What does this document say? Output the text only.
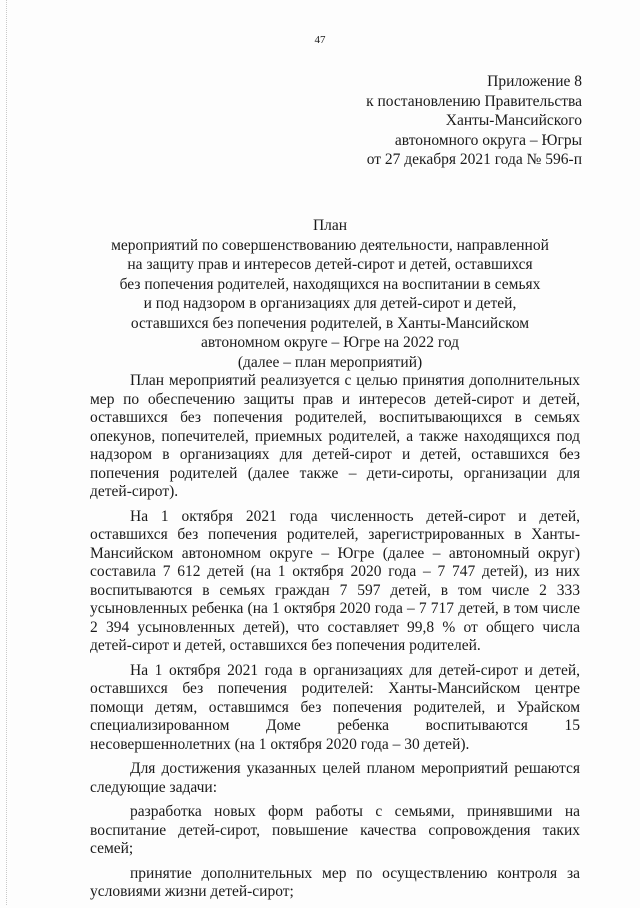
47
Приложение 8
к постановлению Правительства
Ханты-Мансийского
автономного округа – Югры
от 27 декабря 2021 года № 596-п
План
мероприятий по совершенствованию деятельности, направленной
на защиту прав и интересов детей-сирот и детей, оставшихся
без попечения родителей, находящихся на воспитании в семьях
и под надзором в организациях для детей-сирот и детей,
оставшихся без попечения родителей, в Ханты-Мансийском
автономном округе – Югре на 2022 год
(далее – план мероприятий)

План мероприятий реализуется с целью принятия дополнительных мер по обеспечению защиты прав и интересов детей-сирот и детей, оставшихся без попечения родителей, воспитывающихся в семьях опекунов, попечителей, приемных родителей, а также находящихся под надзором в организациях для детей-сирот и детей, оставшихся без попечения родителей (далее также – дети-сироты, организации для детей-сирот).

На 1 октября 2021 года численность детей-сирот и детей, оставшихся без попечения родителей, зарегистрированных в Ханты-Мансийском автономном округе – Югре (далее – автономный округ) составила 7 612 детей (на 1 октября 2020 года – 7 747 детей), из них воспитываются в семьях граждан 7 597 детей, в том числе 2 333 усыновленных ребенка (на 1 октября 2020 года – 7 717 детей, в том числе 2 394 усыновленных детей), что составляет 99,8 % от общего числа детей-сирот и детей, оставшихся без попечения родителей.

На 1 октября 2021 года в организациях для детей-сирот и детей, оставшихся без попечения родителей: Ханты-Мансийском центре помощи детям, оставшимся без попечения родителей, и Урайском специализированном Доме ребенка воспитываются 15 несовершеннолетних (на 1 октября 2020 года – 30 детей).

Для достижения указанных целей планом мероприятий решаются следующие задачи:

разработка новых форм работы с семьями, принявшими на воспитание детей-сирот, повышение качества сопровождения таких семей;

принятие дополнительных мер по осуществлению контроля за условиями жизни детей-сирот;
